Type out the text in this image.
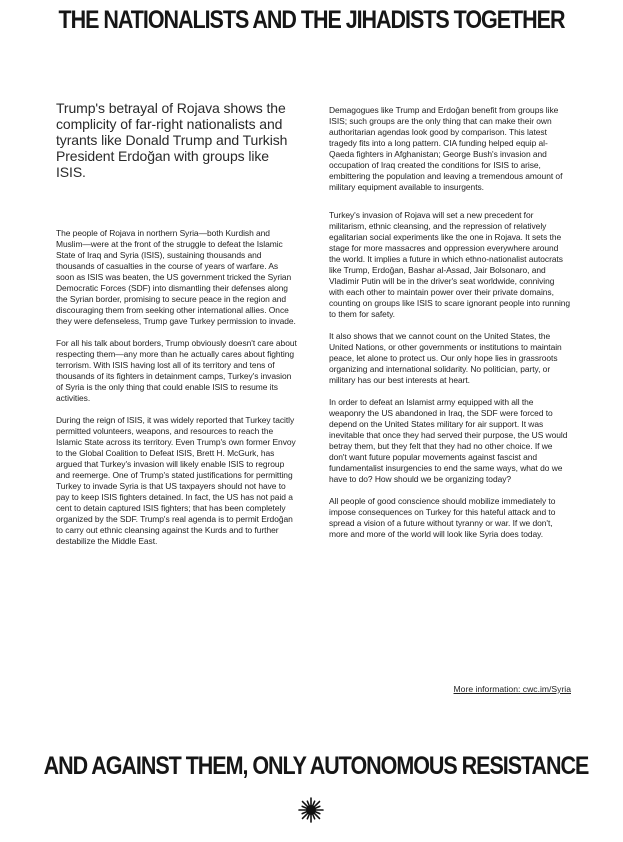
THE NATIONALISTS AND THE JIHADISTS TOGETHER

Trump's betrayal of Rojava shows the complicity of far-right nationalists and tyrants like Donald Trump and Turkish President Erdoğan with groups like ISIS.

The people of Rojava in northern Syria—both Kurdish and Muslim—were at the front of the struggle to defeat the Islamic State of Iraq and Syria (ISIS), sustaining thousands and thousands of casualties in the course of years of warfare. As soon as ISIS was beaten, the US government tricked the Syrian Democratic Forces (SDF) into dismantling their defenses along the Syrian border, promising to secure peace in the region and discouraging them from seeking other international allies. Once they were defenseless, Trump gave Turkey permission to invade.

For all his talk about borders, Trump obviously doesn't care about respecting them—any more than he actually cares about fighting terrorism. With ISIS having lost all of its territory and tens of thousands of its fighters in detainment camps, Turkey's invasion of Syria is the only thing that could enable ISIS to resume its activities.

During the reign of ISIS, it was widely reported that Turkey tacitly permitted volunteers, weapons, and resources to reach the Islamic State across its territory. Even Trump's own former Envoy to the Global Coalition to Defeat ISIS, Brett H. McGurk, has argued that Turkey's invasion will likely enable ISIS to regroup and reemerge. One of Trump's stated justifications for permitting Turkey to invade Syria is that US taxpayers should not have to pay to keep ISIS fighters detained. In fact, the US has not paid a cent to detain captured ISIS fighters; that has been completely organized by the SDF. Trump's real agenda is to permit Erdoğan to carry out ethnic cleansing against the Kurds and to further destabilize the Middle East.

Demagogues like Trump and Erdoğan benefit from groups like ISIS; such groups are the only thing that can make their own authoritarian agendas look good by comparison. This latest tragedy fits into a long pattern. CIA funding helped equip al-Qaeda fighters in Afghanistan; George Bush's invasion and occupation of Iraq created the conditions for ISIS to arise, embittering the population and leaving a tremendous amount of military equipment available to insurgents.

Turkey's invasion of Rojava will set a new precedent for militarism, ethnic cleansing, and the repression of relatively egalitarian social experiments like the one in Rojava. It sets the stage for more massacres and oppression everywhere around the world. It implies a future in which ethno-nationalist autocrats like Trump, Erdoğan, Bashar al-Assad, Jair Bolsonaro, and Vladimir Putin will be in the driver's seat worldwide, conniving with each other to maintain power over their private domains, counting on groups like ISIS to scare ignorant people into running to them for safety.

It also shows that we cannot count on the United States, the United Nations, or other governments or institutions to maintain peace, let alone to protect us. Our only hope lies in grassroots organizing and international solidarity. No politician, party, or military has our best interests at heart.

In order to defeat an Islamist army equipped with all the weaponry the US abandoned in Iraq, the SDF were forced to depend on the United States military for air support. It was inevitable that once they had served their purpose, the US would betray them, but they felt that they had no other choice. If we don't want future popular movements against fascist and fundamentalist insurgencies to end the same ways, what do we have to do? How should we be organizing today?

All people of good conscience should mobilize immediately to impose consequences on Turkey for this hateful attack and to spread a vision of a future without tyranny or war. If we don't, more and more of the world will look like Syria does today.

More information: cwc.im/Syria
AND AGAINST THEM, ONLY AUTONOMOUS RESISTANCE
